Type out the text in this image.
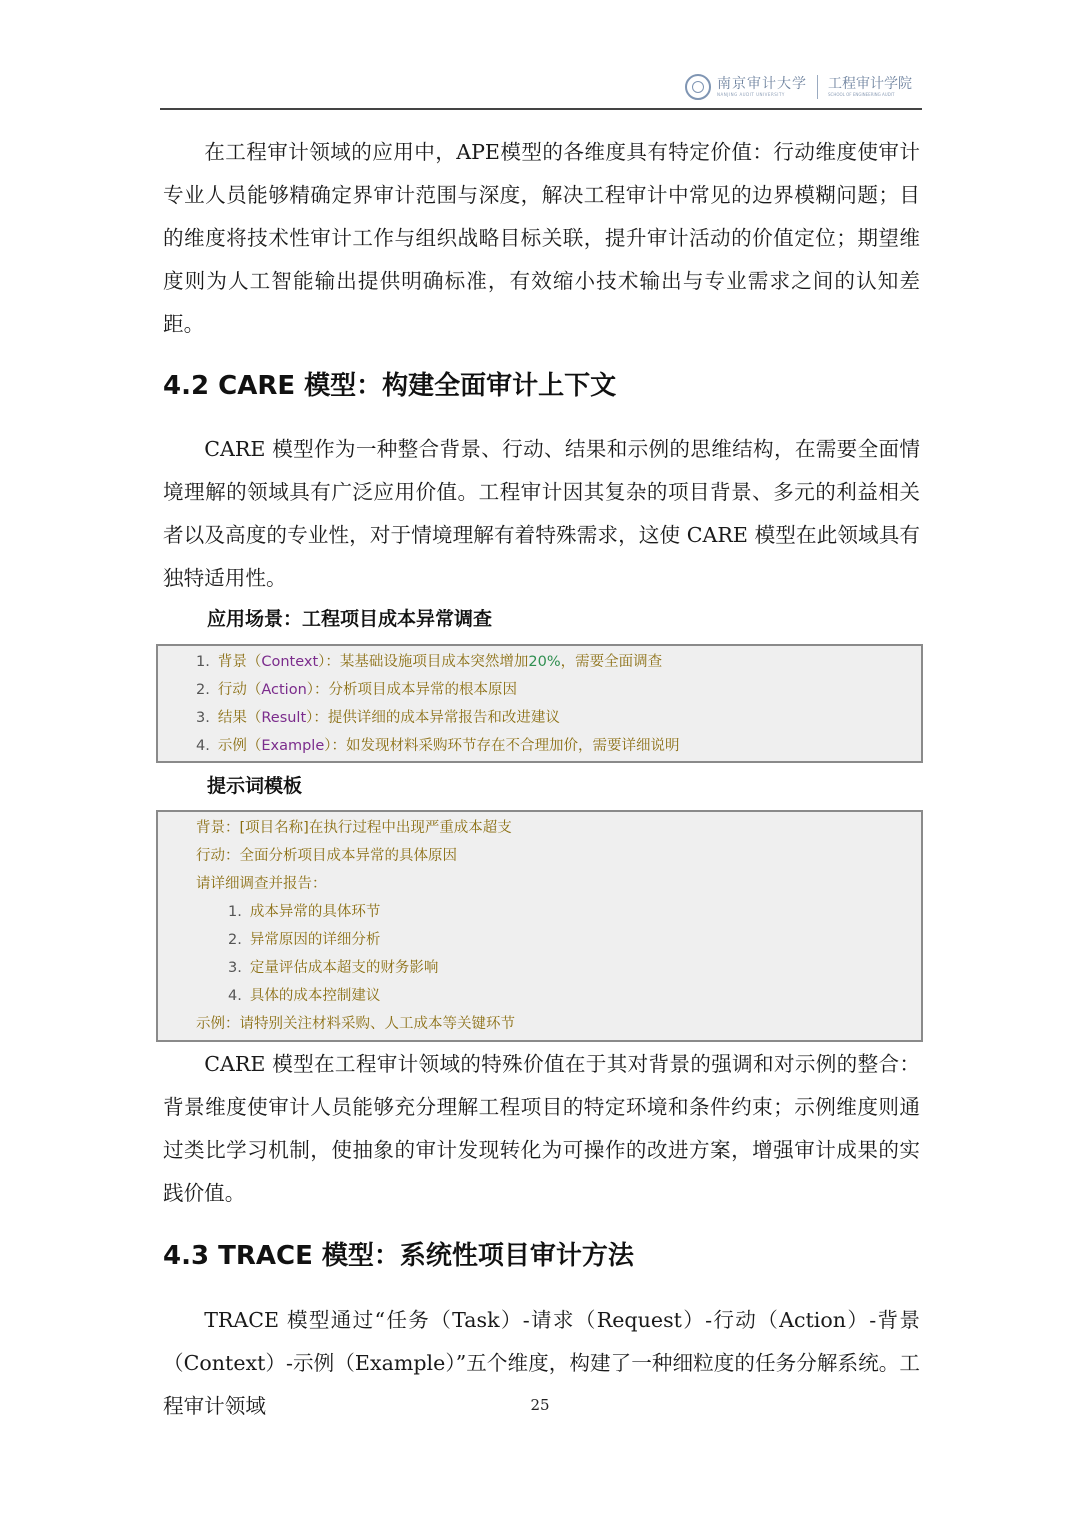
南京审计大学
NANJING AUDIT UNIVERSITY
工程审计学院
SCHOOL OF ENGINEERING AUDIT

在工程审计领域的应用中，APE模型的各维度具有特定价值：行动维度使审计专业人员能够精确定界审计范围与深度，解决工程审计中常见的边界模糊问题；目的维度将技术性审计工作与组织战略目标关联，提升审计活动的价值定位；期望维度则为人工智能输出提供明确标准，有效缩小技术输出与专业需求之间的认知差距。

4.2 CARE 模型：构建全面审计上下文

CARE 模型作为一种整合背景、行动、结果和示例的思维结构，在需要全面情境理解的领域具有广泛应用价值。工程审计因其复杂的项目背景、多元的利益相关者以及高度的专业性，对于情境理解有着特殊需求，这使 CARE 模型在此领域具有独特适用性。

应用场景：工程项目成本异常调查
1. 背景（Context）：某基础设施项目成本突然增加20%，需要全面调查
2. 行动（Action）：分析项目成本异常的根本原因
3. 结果（Result）：提供详细的成本异常报告和改进建议
4. 示例（Example）：如发现材料采购环节存在不合理加价，需要详细说明
提示词模板
背景：[项目名称]在执行过程中出现严重成本超支
行动：全面分析项目成本异常的具体原因
请详细调查并报告：
1. 成本异常的具体环节
2. 异常原因的详细分析
3. 定量评估成本超支的财务影响
4. 具体的成本控制建议
示例：请特别关注材料采购、人工成本等关键环节

CARE 模型在工程审计领域的特殊价值在于其对背景的强调和对示例的整合：背景维度使审计人员能够充分理解工程项目的特定环境和条件约束；示例维度则通过类比学习机制，使抽象的审计发现转化为可操作的改进方案，增强审计成果的实践价值。

4.3 TRACE 模型：系统性项目审计方法

TRACE 模型通过“任务（Task）-请求（Request）-行动（Action）-背景（Context）-示例（Example）”五个维度，构建了一种细粒度的任务分解系统。工程审计领域	25
